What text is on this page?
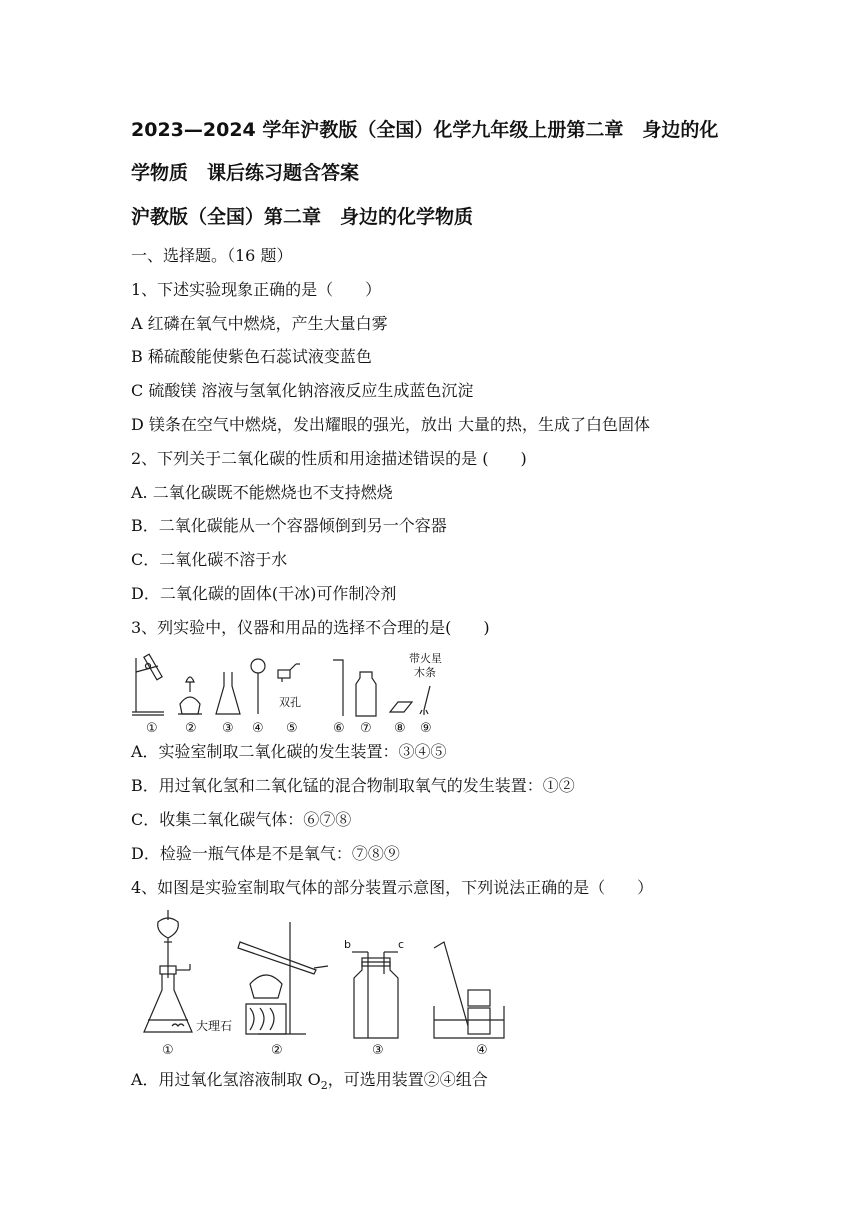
2023—2024 学年沪教版（全国）化学九年级上册第二章　身边的化
学物质　课后练习题含答案
沪教版（全国）第二章　身边的化学物质
一、选择题。（16 题）
1、下述实验现象正确的是（　　）
A 红磷在氧气中燃烧，产生大量白雾
B 稀硫酸能使紫色石蕊试液变蓝色
C 硫酸镁 溶液与氢氧化钠溶液反应生成蓝色沉淀
D 镁条在空气中燃烧，发出耀眼的强光，放出 大量的热，生成了白色固体
2、下列关于二氧化碳的性质和用途描述错误的是 (　　)
A. 二氧化碳既不能燃烧也不支持燃烧
B．二氧化碳能从一个容器倾倒到另一个容器
C．二氧化碳不溶于水
D．二氧化碳的固体(干冰)可作制冷剂
3、列实验中，仪器和用品的选择不合理的是(　　)
双孔
带火星
木条
① ② ③ ④ ⑤	⑥ ⑦ ⑧ ⑨
A．实验室制取二氧化碳的发生装置：③④⑤
B．用过氧化氢和二氧化锰的混合物制取氧气的发生装置：①②
C．收集二氧化碳气体：⑥⑦⑧
D．检验一瓶气体是不是氧气：⑦⑧⑨
4、如图是实验室制取气体的部分装置示意图，下列说法正确的是（　　）
大理石
b	c
①	②	③	④
A．用过氧化氢溶液制取 $O_2$，可选用装置②④组合
